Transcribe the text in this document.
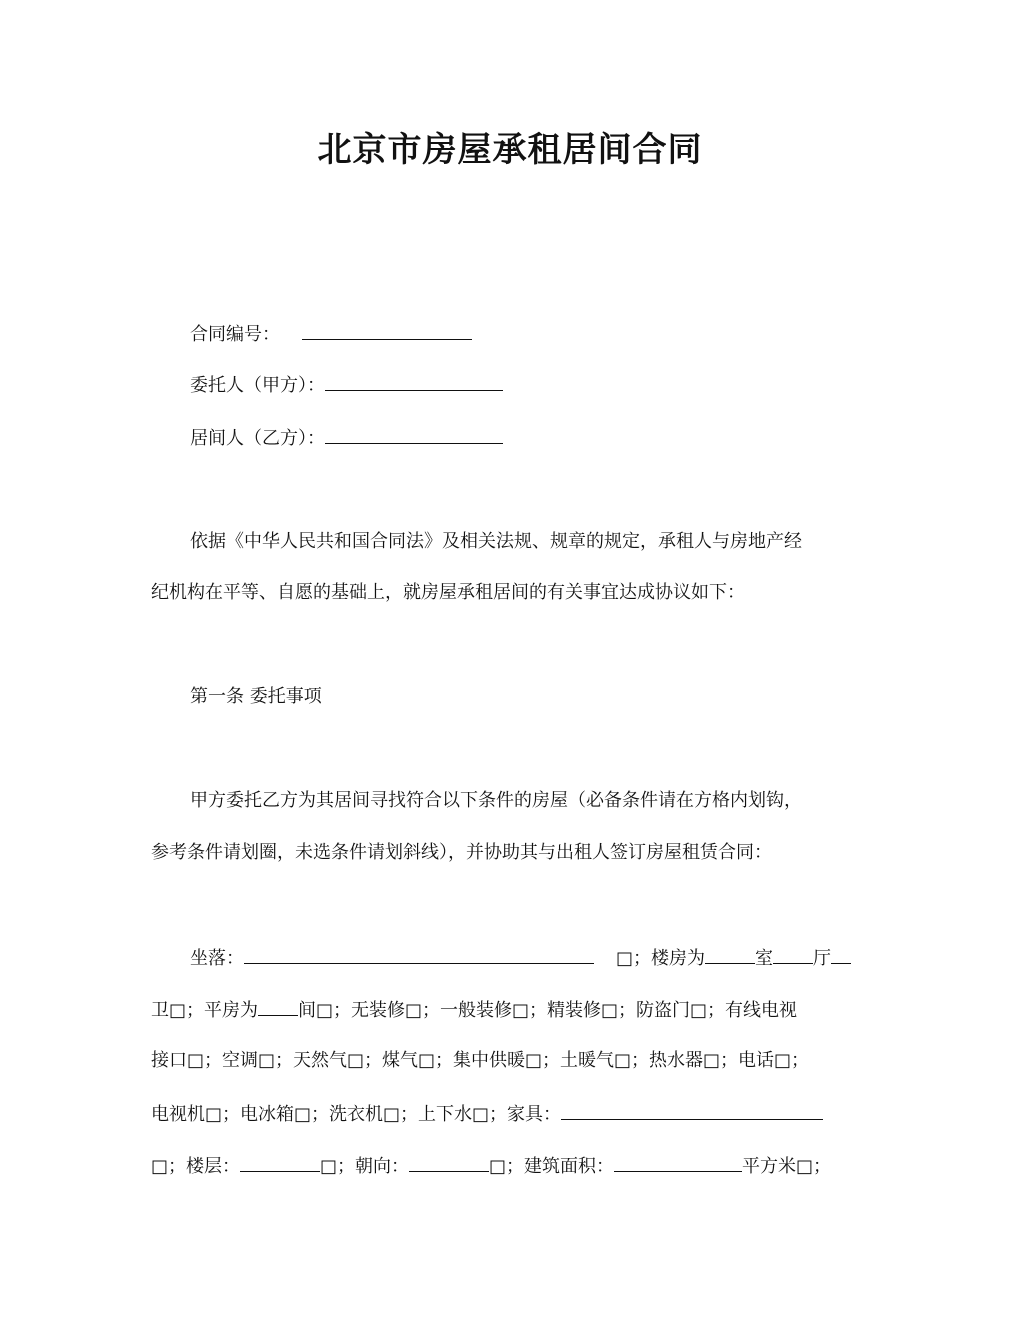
北京市房屋承租居间合同
合同编号：
委托人（甲方）：
居间人（乙方）：
依据《中华人民共和国合同法》及相关法规、规章的规定，承租人与房地产经
纪机构在平等、自愿的基础上，就房屋承租居间的有关事宜达成协议如下：
第一条 委托事项
甲方委托乙方为其居间寻找符合以下条件的房屋（必备条件请在方格内划钩，
参考条件请划圈，未选条件请划斜线），并协助其与出租人签订房屋租赁合同：
坐落：	□；楼房为	室 厅
卫□；平房为 间□；无装修□；一般装修□；精装修□；防盗门□；有线电视
接口□；空调□；天然气□；煤气□；集中供暖□；土暖气□；热水器□；电话□；
电视机□；电冰箱□；洗衣机□；上下水□；家具：
□；楼层：	□；朝向：	□；建筑面积：	平方米□；
